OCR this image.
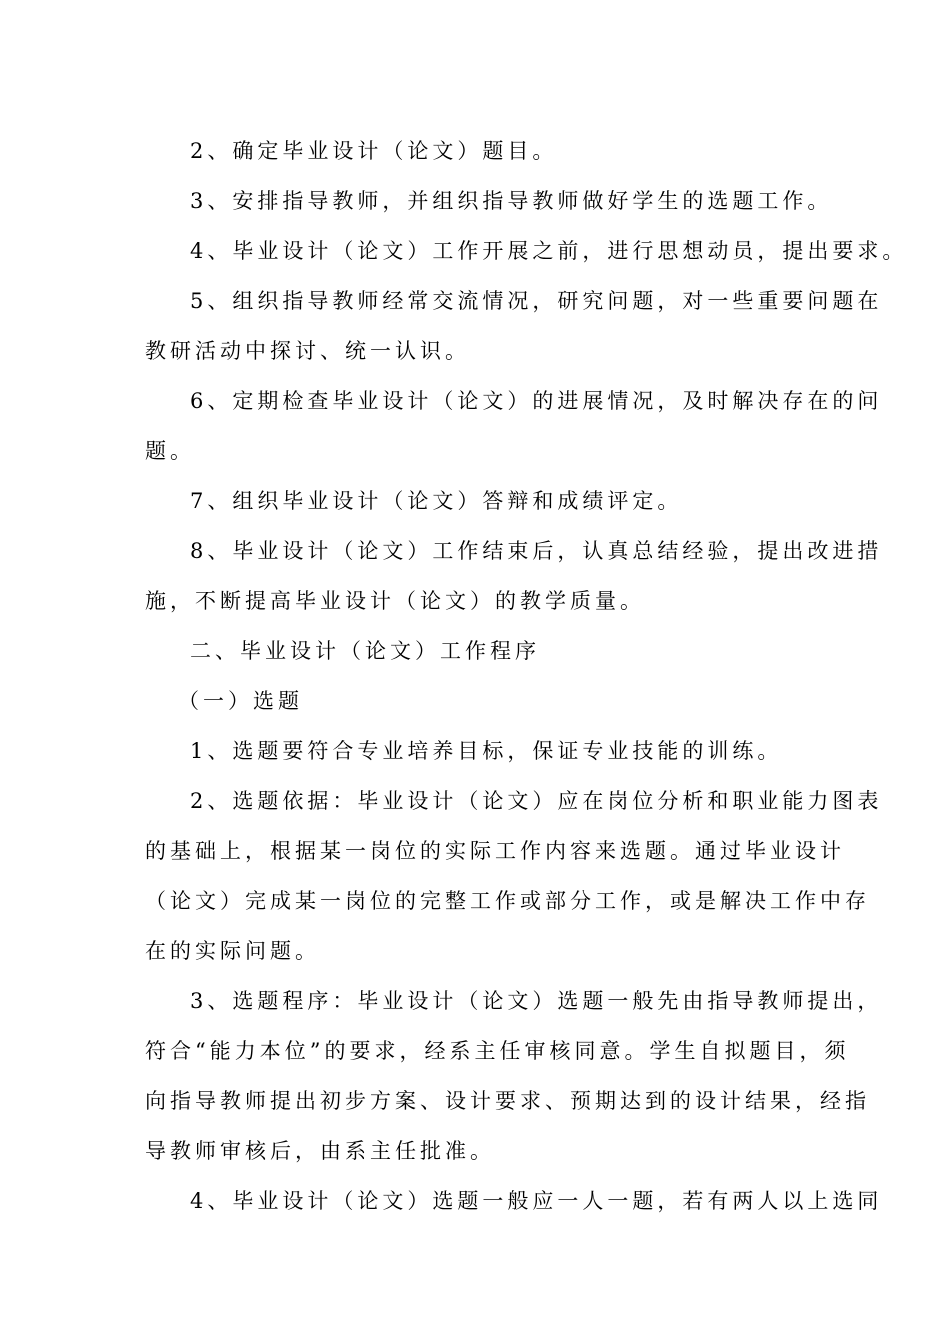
2、确定毕业设计（论文）题目。
3、安排指导教师，并组织指导教师做好学生的选题工作。
4、毕业设计（论文）工作开展之前，进行思想动员，提出要求。
5、组织指导教师经常交流情况，研究问题，对一些重要问题在
教研活动中探讨、统一认识。
6、定期检查毕业设计（论文）的进展情况，及时解决存在的问
题。
7、组织毕业设计（论文）答辩和成绩评定。
8、毕业设计（论文）工作结束后，认真总结经验，提出改进措
施，不断提高毕业设计（论文）的教学质量。
二、毕业设计（论文）工作程序
（一）选题
1、选题要符合专业培养目标，保证专业技能的训练。
2、选题依据：毕业设计（论文）应在岗位分析和职业能力图表
的基础上，根据某一岗位的实际工作内容来选题。通过毕业设计
（论文）完成某一岗位的完整工作或部分工作，或是解决工作中存
在的实际问题。
3、选题程序：毕业设计（论文）选题一般先由指导教师提出，
符合“能力本位”的要求，经系主任审核同意。学生自拟题目，须
向指导教师提出初步方案、设计要求、预期达到的设计结果，经指
导教师审核后，由系主任批准。
4、毕业设计（论文）选题一般应一人一题，若有两人以上选同
